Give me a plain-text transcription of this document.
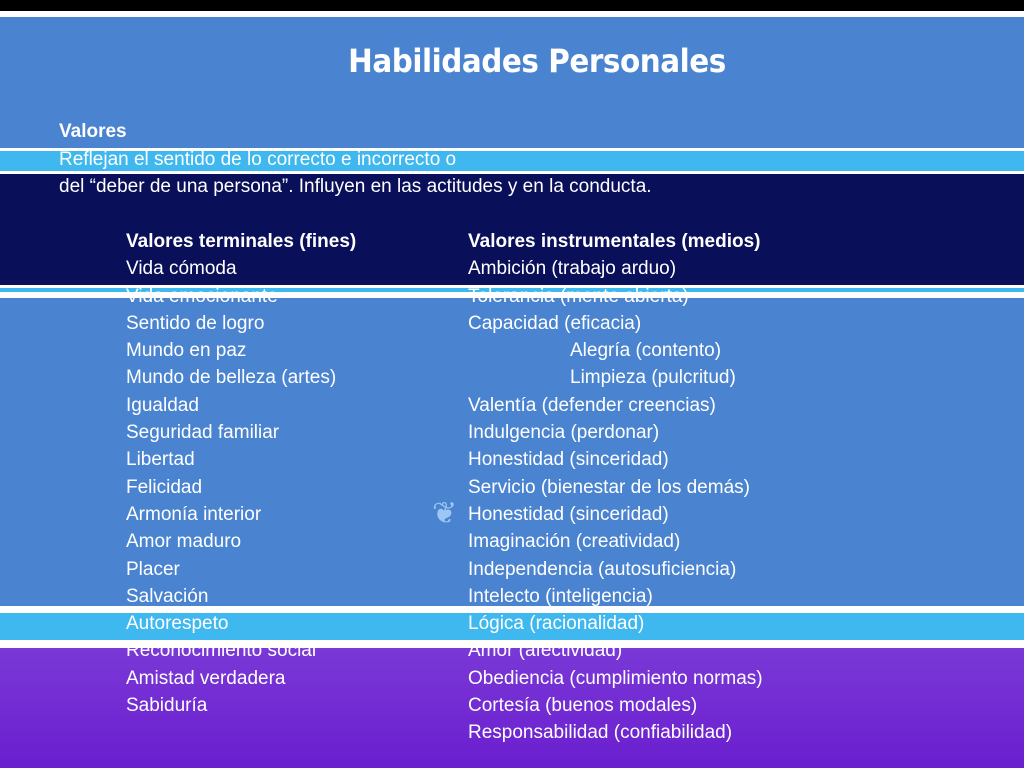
Habilidades Personales
Valores
Reflejan el sentido de lo correcto e incorrecto o
del “deber de una persona”. Influyen en las actitudes y en la conducta.
❦
Valores terminales (fines)
Vida cómoda
Vida emocionante
Sentido de logro
Mundo en paz
Mundo de belleza (artes)
Igualdad
Seguridad familiar
Libertad
Felicidad
Armonía interior
Amor maduro
Placer
Salvación
Autorespeto
Reconocimiento social
Amistad verdadera
Sabiduría
Valores instrumentales (medios)
Ambición (trabajo arduo)
Tolerancia (mente abierta)
Capacidad (eficacia)
Alegría (contento)
Limpieza (pulcritud)
Valentía (defender creencias)
Indulgencia (perdonar)
Honestidad (sinceridad)
Servicio (bienestar de los demás)
Honestidad (sinceridad)
Imaginación (creatividad)
Independencia (autosuficiencia)
Intelecto (inteligencia)
Lógica (racionalidad)
Amor (afectividad)
Obediencia (cumplimiento normas)
Cortesía (buenos modales)
Responsabilidad (confiabilidad)
